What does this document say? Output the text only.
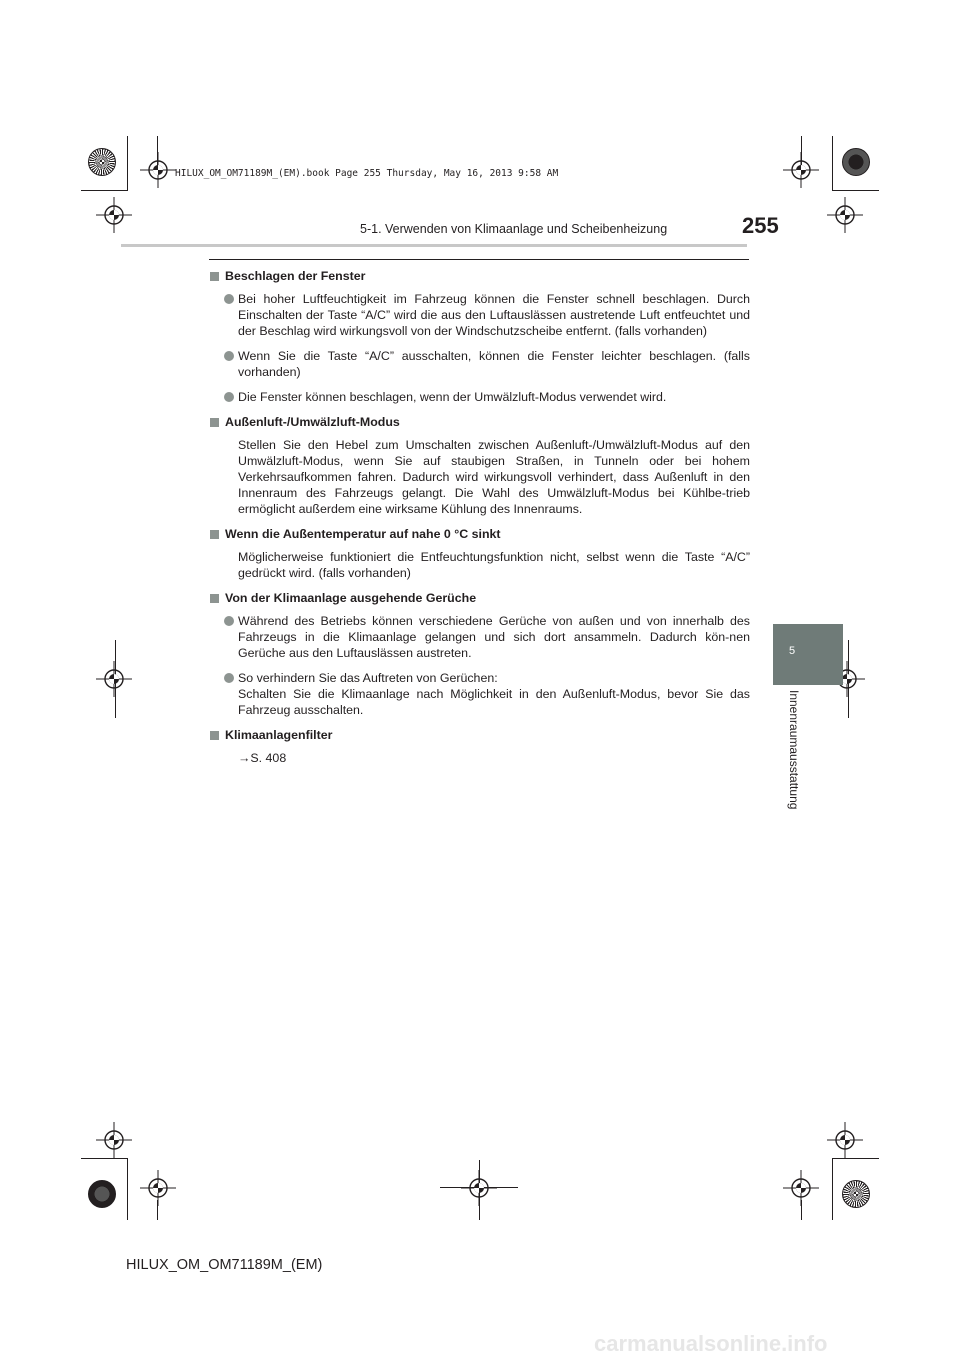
HILUX_OM_OM71189M_(EM).book Page 255 Thursday, May 16, 2013 9:58 AM
5-1. Verwenden von Klimaanlage und Scheibenheizung	255
5
Innenraumausstattung
Beschlagen der Fenster
Bei hoher Luftfeuchtigkeit im Fahrzeug können die Fenster schnell beschlagen. Durch Einschalten der Taste “A/C” wird die aus den Luftauslässen austretende Luft entfeuchtet und der Beschlag wird wirkungsvoll von der Windschutzscheibe entfernt. (falls vorhanden)
Wenn Sie die Taste “A/C” ausschalten, können die Fenster leichter beschlagen. (falls vorhanden)
Die Fenster können beschlagen, wenn der Umwälzluft-Modus verwendet wird.
Außenluft-/Umwälzluft-Modus
Stellen Sie den Hebel zum Umschalten zwischen Außenluft-/Umwälzluft-Modus auf den Umwälzluft-Modus, wenn Sie auf staubigen Straßen, in Tunneln oder bei hohem Verkehrsaufkommen fahren. Dadurch wird wirkungsvoll verhindert, dass Außenluft in den Innenraum des Fahrzeugs gelangt. Die Wahl des Umwälzluft-Modus bei Kühlbe-trieb ermöglicht außerdem eine wirksame Kühlung des Innenraums.
Wenn die Außentemperatur auf nahe 0 °C sinkt
Möglicherweise funktioniert die Entfeuchtungsfunktion nicht, selbst wenn die Taste “A/C” gedrückt wird. (falls vorhanden)
Von der Klimaanlage ausgehende Gerüche
Während des Betriebs können verschiedene Gerüche von außen und von innerhalb des Fahrzeugs in die Klimaanlage gelangen und sich dort ansammeln. Dadurch kön-nen Gerüche aus den Luftauslässen austreten.
So verhindern Sie das Auftreten von Gerüchen:
Schalten Sie die Klimaanlage nach Möglichkeit in den Außenluft-Modus, bevor Sie das Fahrzeug ausschalten.
Klimaanlagenfilter
→S. 408
HILUX_OM_OM71189M_(EM)
carmanualsonline.info
